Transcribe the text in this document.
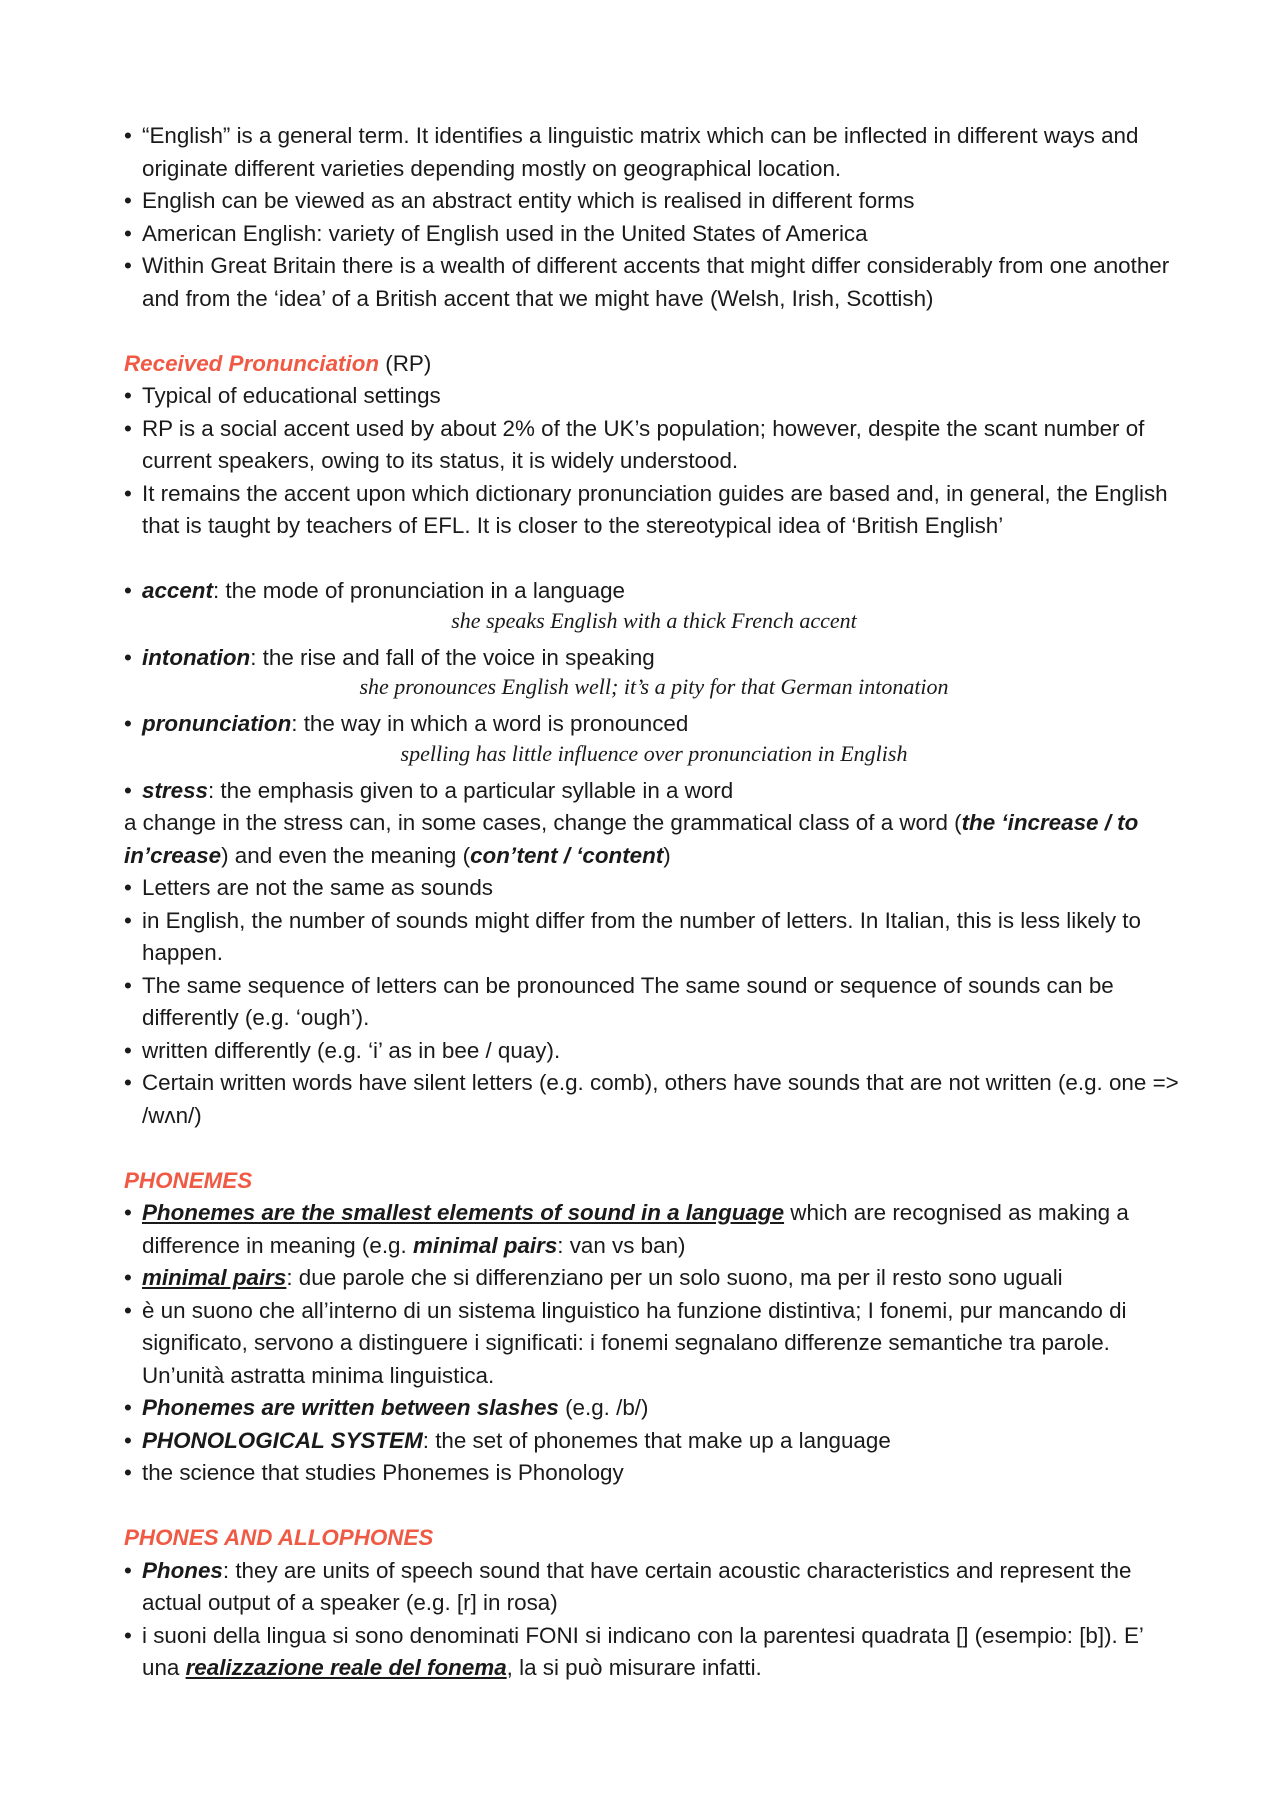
• “English” is a general term. It identifies a linguistic matrix which can be inflected in different ways and originate different varieties depending mostly on geographical location.
• English can be viewed as an abstract entity which is realised in different forms
• American English: variety of English used in the United States of America
• Within Great Britain there is a wealth of different accents that might differ considerably from one another and from the ‘idea’ of a British accent that we might have (Welsh, Irish, Scottish)
Received Pronunciation (RP)
• Typical of educational settings
• RP is a social accent used by about 2% of the UK’s population; however, despite the scant number of current speakers, owing to its status, it is widely understood.
• It remains the accent upon which dictionary pronunciation guides are based and, in general, the English that is taught by teachers of EFL. It is closer to the stereotypical idea of ‘British English’
• accent: the mode of pronunciation in a language
she speaks English with a thick French accent
• intonation: the rise and fall of the voice in speaking
she pronounces English well; it’s a pity for that German intonation
• pronunciation: the way in which a word is pronounced
spelling has little influence over pronunciation in English
• stress: the emphasis given to a particular syllable in a word
a change in the stress can, in some cases, change the grammatical class of a word (the ‘increase / to in’crease) and even the meaning (con’tent / ‘content)
• Letters are not the same as sounds
• in English, the number of sounds might differ from the number of letters. In Italian, this is less likely to happen.
• The same sequence of letters can be pronounced The same sound or sequence of sounds can be differently (e.g. ‘ough’).
• written differently (e.g. ‘i’ as in bee / quay).
• Certain written words have silent letters (e.g. comb), others have sounds that are not written (e.g. one => /wʌn/)
PHONEMES
• Phonemes are the smallest elements of sound in a language which are recognised as making a difference in meaning (e.g. minimal pairs: van vs ban)
• minimal pairs: due parole che si differenziano per un solo suono, ma per il resto sono uguali
• è un suono che all’interno di un sistema linguistico ha funzione distintiva; I fonemi, pur mancando di significato, servono a distinguere i significati: i fonemi segnalano differenze semantiche tra parole. Un’unità astratta minima linguistica.
• Phonemes are written between slashes (e.g. /b/)
• PHONOLOGICAL SYSTEM: the set of phonemes that make up a language
• the science that studies Phonemes is Phonology
PHONES AND ALLOPHONES
• Phones: they are units of speech sound that have certain acoustic characteristics and represent the actual output of a speaker (e.g. [r] in rosa)
• i suoni della lingua si sono denominati FONI si indicano con la parentesi quadrata [] (esempio: [b]). E’ una realizzazione reale del fonema, la si può misurare infatti.
